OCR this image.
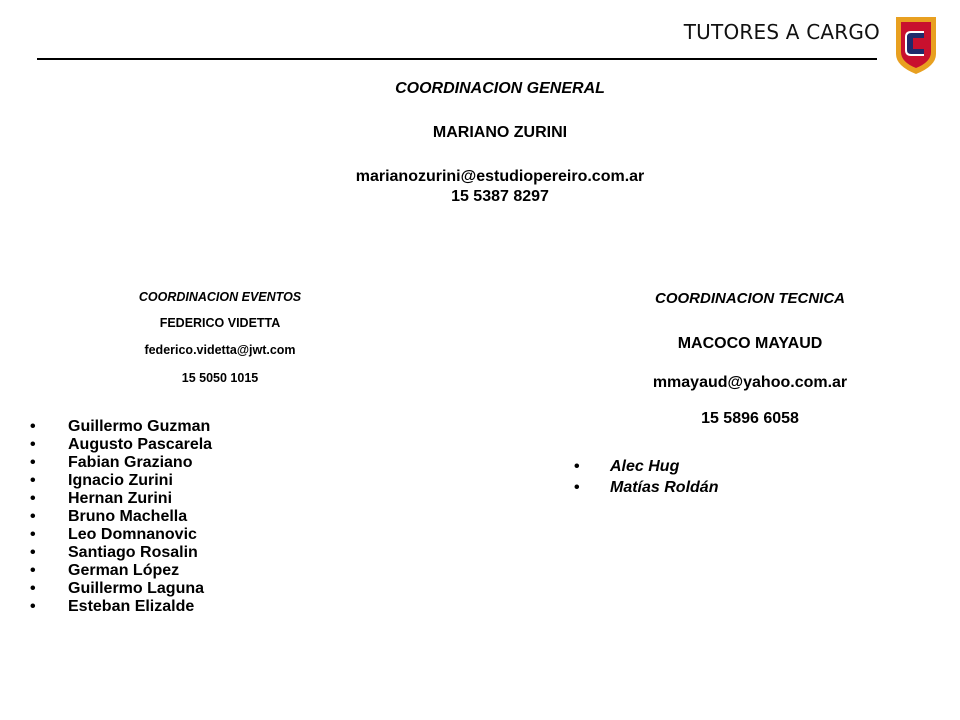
TUTORES A CARGO
COORDINACION GENERAL
MARIANO ZURINI
marianozurini@estudiopereiro.com.ar
15 5387 8297
COORDINACION EVENTOS
FEDERICO VIDETTA
federico.videtta@jwt.com
15 5050 1015
• Guillermo Guzman
• Augusto Pascarela
• Fabian Graziano
• Ignacio Zurini
• Hernan Zurini
• Bruno Machella
• Leo Domnanovic
• Santiago Rosalin
• German López
• Guillermo Laguna
• Esteban Elizalde
COORDINACION TECNICA
MACOCO MAYAUD
mmayaud@yahoo.com.ar
15 5896 6058
• Alec Hug
• Matías Roldán
